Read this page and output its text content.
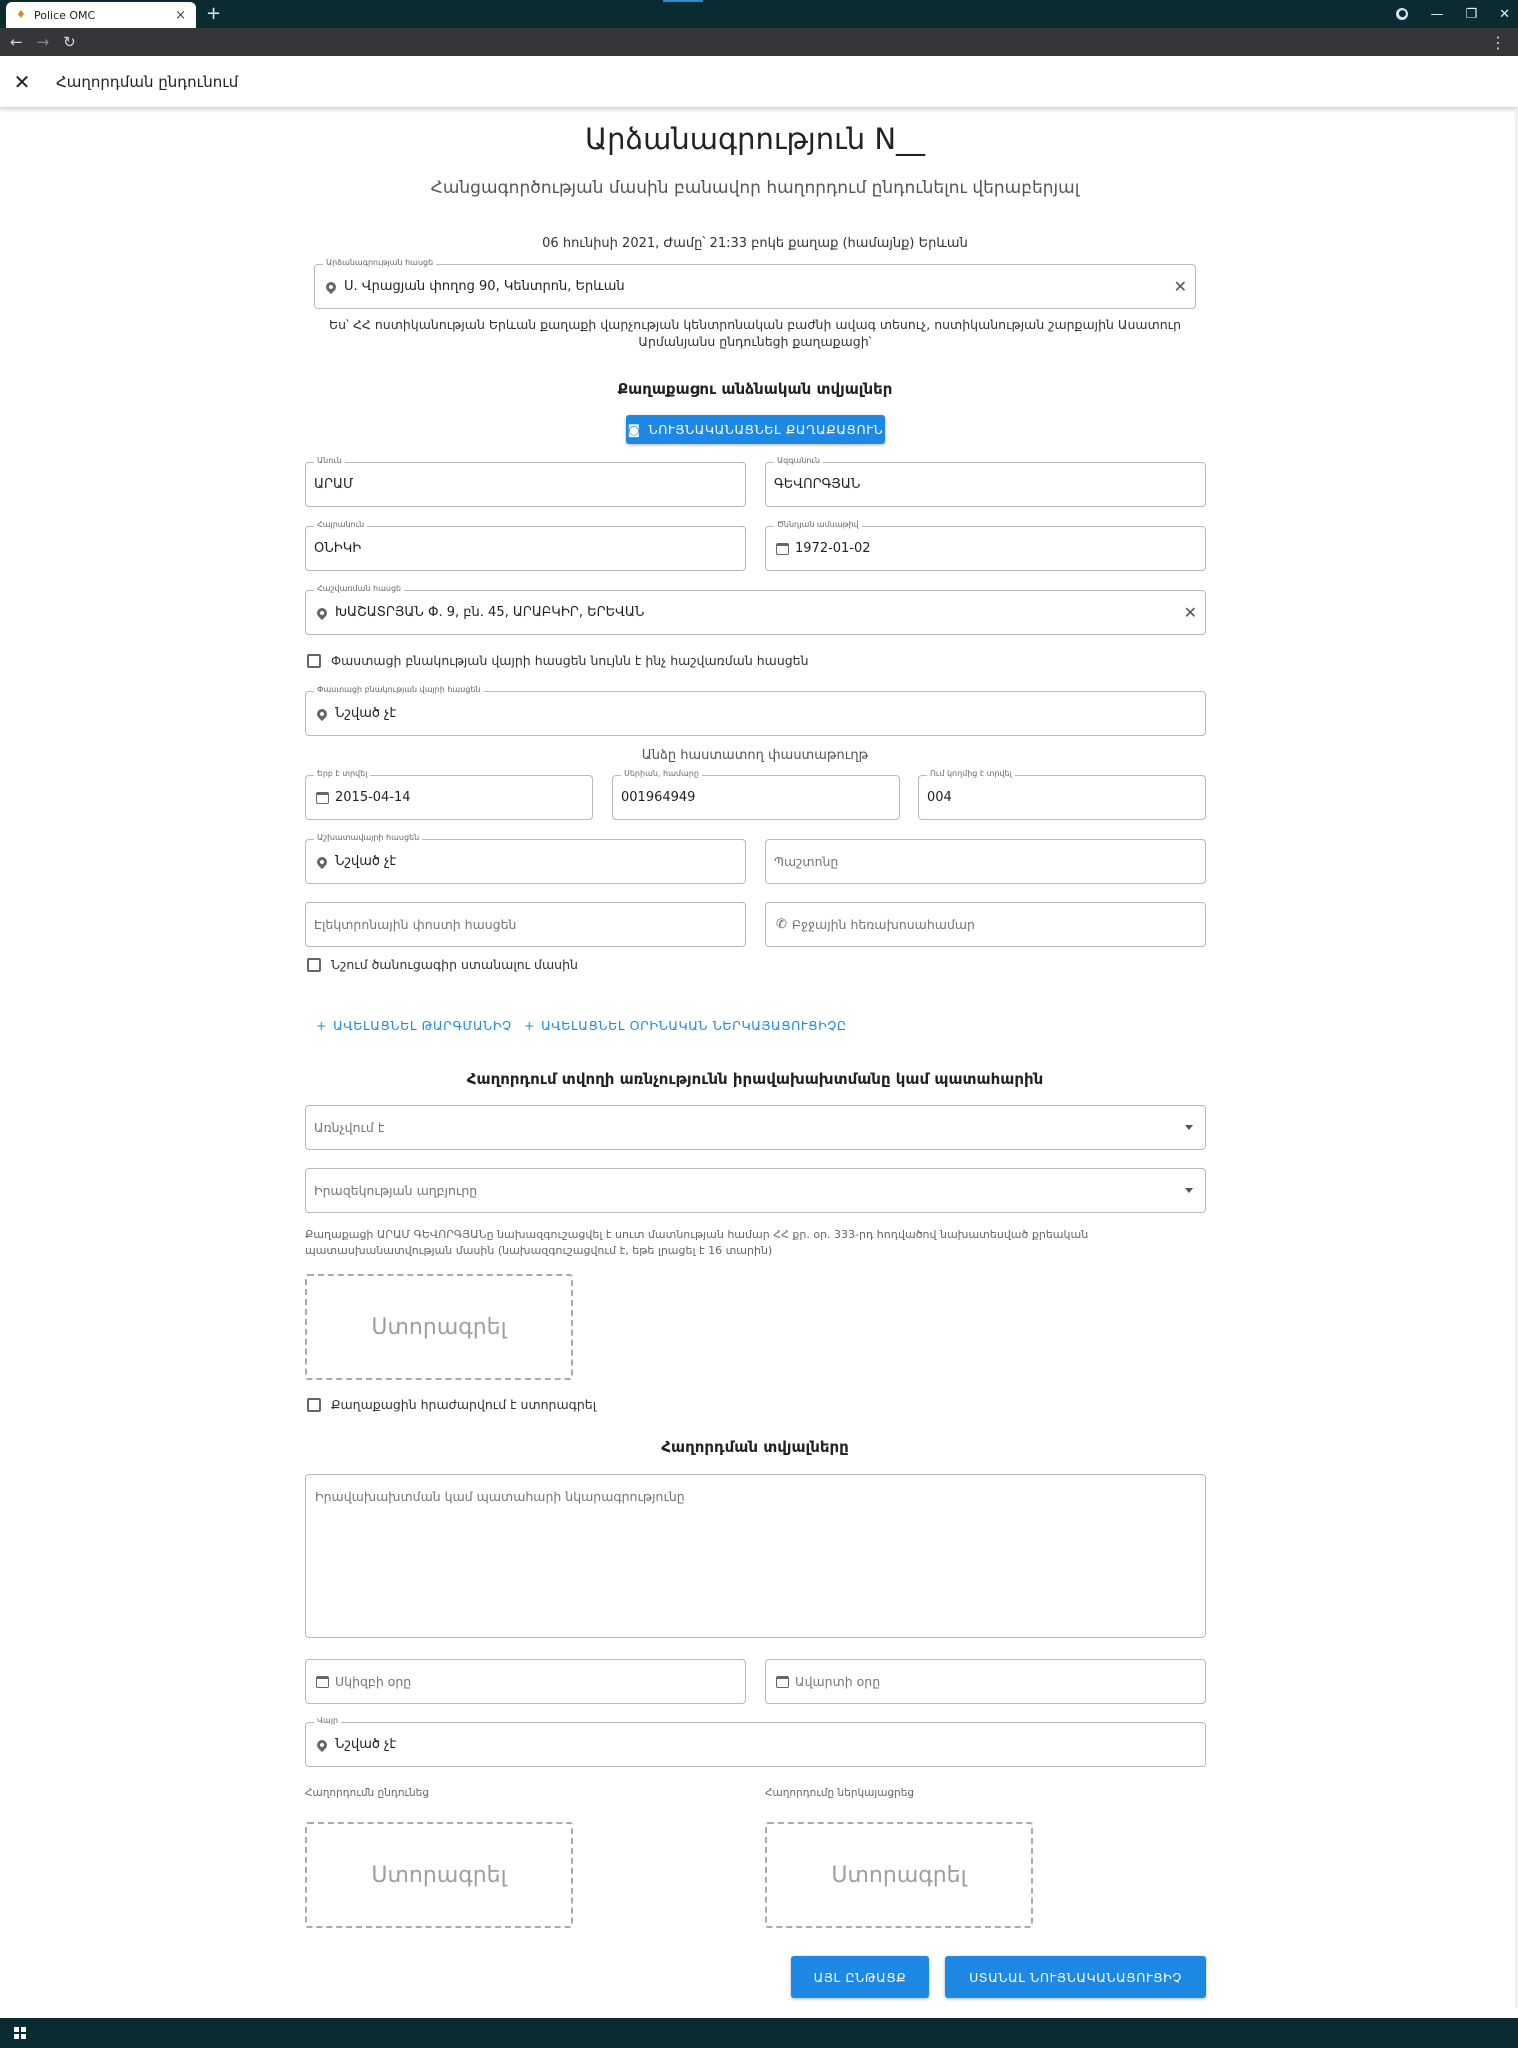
♦ Police OMC	× +	● — ❐ ✕
← → ↻	⋮
✕	Հաղորդման ընդունում
Արձանագրություն N__
Հանցագործության մասին բանավոր հաղորդում ընդունելու վերաբերյալ
06 հունիսի 2021, Ժամը՝ 21:33 բոկե քաղաք (համայնք) Երևան
Արձանագրության հասցե
Ս. Վրացյան փողոց 90, Կենտրոն, Երևան	✕
Ես՝ ՀՀ ոստիկանության Երևան քաղաքի վարչության կենտրոնական բաժնի ավագ տեսուչ, ոստիկանության շարքային Ասատուր Արմանյանս ընդունեցի քաղաքացի՝
Քաղաքացու անձնական տվյալներ
◙ ՆՈՒՅՆԱԿԱՆԱՑՆԵԼ ՔԱՂԱՔԱՑՈՒՆ
Անուն
ԱՐԱՄ
Ազգանուն
ԳԵՎՈՐԳՅԱՆ
Հայրանուն
ՕՆԻԿԻ
Ծննդյան ամսաթիվ
1972-01-02
Հաշվառման հասցե
ԽԱՇԱՏՐՅԱՆ Փ. 9, բն. 45, ԱՐԱԲԿԻՐ, ԵՐԵՎԱՆ	✕
Փաստացի բնակության վայրի հասցեն նույնն է ինչ հաշվառման հասցեն
Փաստացի բնակության վայրի հասցեն
Նշված չէ
Անձը հաստատող փաստաթուղթ
Երբ է տրվել
2015-04-14
Սերիան, համարը
001964949
Ում կողմից է տրվել
004
Աշխատավայրի հասցեն
Նշված չէ	Պաշտոնը
Էլեկտրոնային փոստի հասցեն	✆ Բջջային հեռախոսահամար
Նշում ծանուցագիր ստանալու մասին
+ ԱՎԵԼԱՑՆԵԼ ԹԱՐԳՄԱՆԻՉ + ԱՎԵԼԱՑՆԵԼ ՕՐԻՆԱԿԱՆ ՆԵՐԿԱՅԱՑՈՒՑԻՉԸ
Հաղորդում տվողի առնչությունն իրավախախտմանը կամ պատահարին
Առնչվում է
Իրազեկության աղբյուրը
Քաղաքացի ԱՐԱՄ ԳԵՎՈՐԳՅԱՆը նախազգուշացվել է սուտ մատնության համար ՀՀ քր. օր. 333-րդ հոդվածով նախատեսված քրեական պատասխանատվության մասին (նախազգուշացվում է, եթե լրացել է 16 տարին)
Ստորագրել
Քաղաքացին հրաժարվում է ստորագրել
Հաղորդման տվյալները
Իրավախախտման կամ պատահարի նկարագրությունը
Սկիզբի օրը	Ավարտի օրը
Վայր
Նշված չէ
Հաղորդումն ընդունեց	Հաղորդումը ներկայացրեց
Ստորագրել	Ստորագրել
ԱՅԼ ԸՆԹԱՑՔ	ՍՏԱՆԱԼ ՆՈՒՅՆԱԿԱՆԱՑՈՒՑԻՉ
